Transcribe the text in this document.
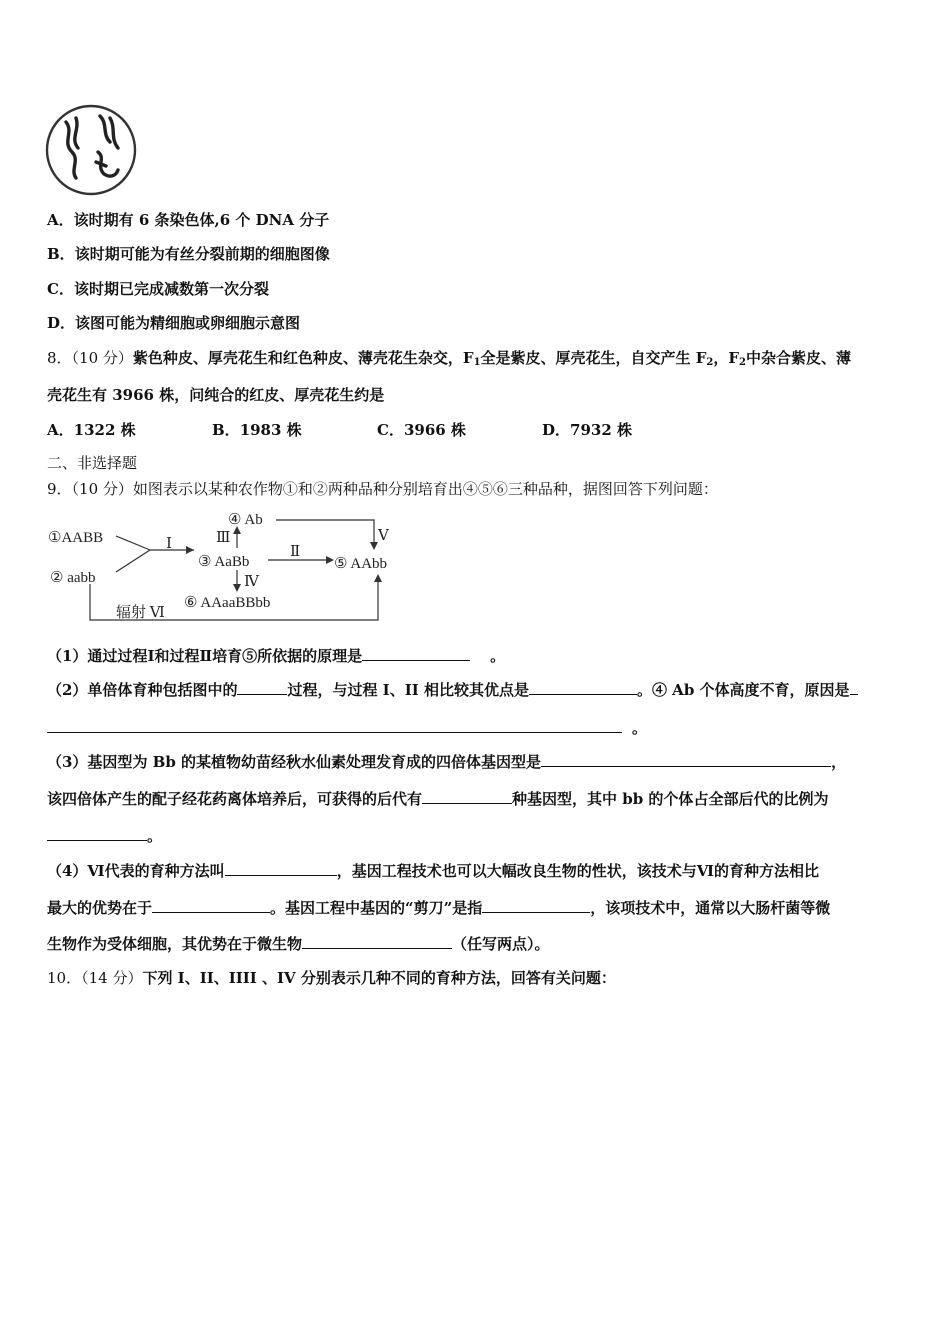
A．该时期有 6 条染色体,6 个 DNA 分子
B．该时期可能为有丝分裂前期的细胞图像
C．该时期已完成减数第一次分裂
D．该图可能为精细胞或卵细胞示意图
8．（10 分）紫色种皮、厚壳花生和红色种皮、薄壳花生杂交，$F_1$全是紫皮、厚壳花生，自交产生 $F_2$，$F_2$中杂合紫皮、薄
壳花生有 3966 株，问纯合的红皮、厚壳花生约是
A．1322 株	B．1983 株	C．3966 株	D．7932 株
二、非选择题
9．（10 分）如图表示以某种农作物①和②两种品种分别培育出④⑤⑥三种品种，据图回答下列问题：
①AABB
② aabb
③ AaBb
④ Ab
⑤ AAbb
⑥ AAaaBBbb
Ⅰ	Ⅱ
Ⅲ
Ⅳ
Ⅴ
辐射 Ⅵ
（1）通过过程Ⅰ和过程Ⅱ培育⑤所依据的原理是	。
（2）单倍体育种包括图中的	过程，与过程 I、II 相比较其优点是	。④ Ab 个体高度不育，原因是
。
（3）基因型为 Bb 的某植物幼苗经秋水仙素处理发育成的四倍体基因型是	，
该四倍体产生的配子经花药离体培养后，可获得的后代有	种基因型，其中 bb 的个体占全部后代的比例为
。
（4）Ⅵ代表的育种方法叫	，基因工程技术也可以大幅改良生物的性状，该技术与Ⅵ的育种方法相比
最大的优势在于	。基因工程中基因的“剪刀”是指	，该项技术中，通常以大肠杆菌等微
生物作为受体细胞，其优势在于微生物	（任写两点）。
10．（14 分）下列 I、II、IIII 、IV 分别表示几种不同的育种方法，回答有关问题：
